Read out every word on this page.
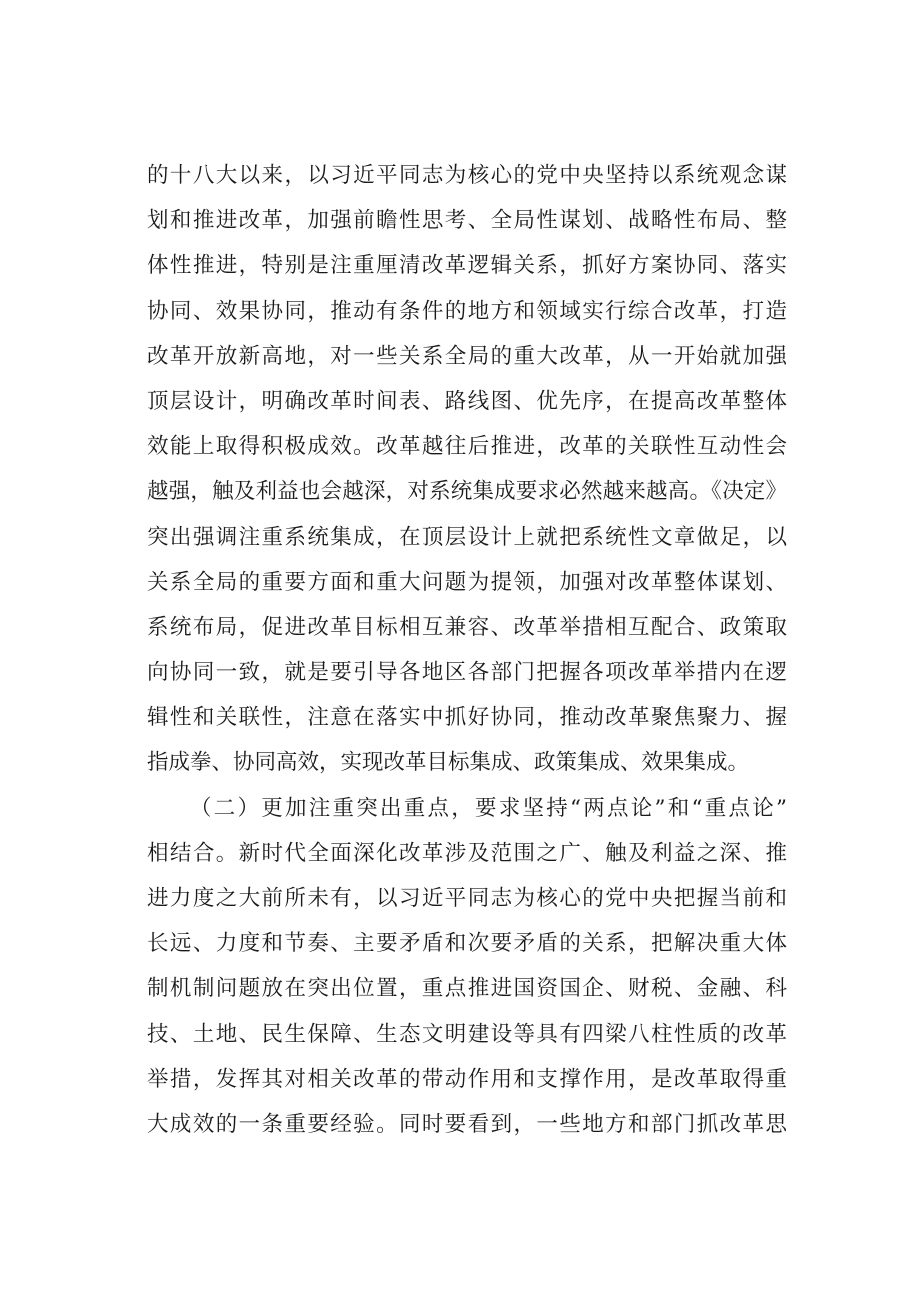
的十八大以来，以习近平同志为核心的党中央坚持以系统观念谋
划和推进改革，加强前瞻性思考、全局性谋划、战略性布局、整
体性推进，特别是注重厘清改革逻辑关系，抓好方案协同、落实
协同、效果协同，推动有条件的地方和领域实行综合改革，打造
改革开放新高地，对一些关系全局的重大改革，从一开始就加强
顶层设计，明确改革时间表、路线图、优先序，在提高改革整体
效能上取得积极成效。改革越往后推进，改革的关联性互动性会
越强，触及利益也会越深，对系统集成要求必然越来越高。《决定》
突出强调注重系统集成，在顶层设计上就把系统性文章做足，以
关系全局的重要方面和重大问题为提领，加强对改革整体谋划、
系统布局，促进改革目标相互兼容、改革举措相互配合、政策取
向协同一致，就是要引导各地区各部门把握各项改革举措内在逻
辑性和关联性，注意在落实中抓好协同，推动改革聚焦聚力、握
指成拳、协同高效，实现改革目标集成、政策集成、效果集成。
（二）更加注重突出重点，要求坚持“两点论”和“重点论”
相结合。新时代全面深化改革涉及范围之广、触及利益之深、推
进力度之大前所未有，以习近平同志为核心的党中央把握当前和
长远、力度和节奏、主要矛盾和次要矛盾的关系，把解决重大体
制机制问题放在突出位置，重点推进国资国企、财税、金融、科
技、土地、民生保障、生态文明建设等具有四梁八柱性质的改革
举措，发挥其对相关改革的带动作用和支撑作用，是改革取得重
大成效的一条重要经验。同时要看到，一些地方和部门抓改革思
